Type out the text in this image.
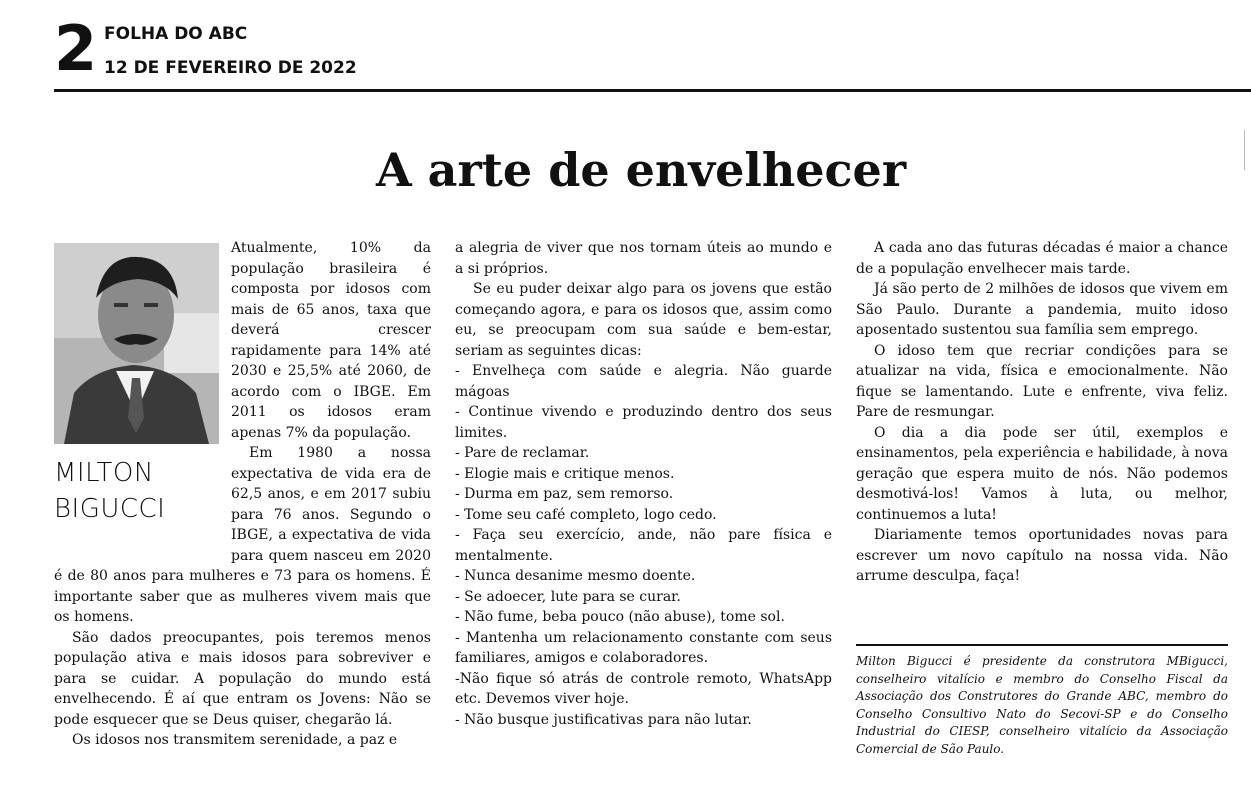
2 FOLHA DO ABC
12 DE FEVEREIRO DE 2022
A arte de envelhecer
MILTON
BIGUCCI

Atualmente, 10% da população brasileira é composta por idosos com mais de 65 anos, taxa que deverá crescer rapidamente para 14% até 2030 e 25,5% até 2060, de acordo com o IBGE. Em 2011 os idosos eram apenas 7% da população.

Em 1980 a nossa expectativa de vida era de 62,5 anos, e em 2017 subiu para 76 anos. Segundo o IBGE, a expectativa de vida para quem nasceu em 2020 é de 80 anos para mulheres e 73 para os homens. É importante saber que as mulheres vivem mais que os homens.

São dados preocupantes, pois teremos menos população ativa e mais idosos para sobreviver e para se cuidar. A população do mundo está envelhecendo. É aí que entram os Jovens: Não se pode esquecer que se Deus quiser, chegarão lá.

Os idosos nos transmitem serenidade, a paz e

a alegria de viver que nos tornam úteis ao mundo e a si próprios.

Se eu puder deixar algo para os jovens que estão começando agora, e para os idosos que, assim como eu, se preocupam com sua saúde e bem-estar, seriam as seguintes dicas:

- Envelheça com saúde e alegria. Não guarde mágoas

- Continue vivendo e produzindo dentro dos seus limites.

- Pare de reclamar.

- Elogie mais e critique menos.

- Durma em paz, sem remorso.

- Tome seu café completo, logo cedo.

- Faça seu exercício, ande, não pare física e mentalmente.

- Nunca desanime mesmo doente.

- Se adoecer, lute para se curar.

- Não fume, beba pouco (não abuse), tome sol.

- Mantenha um relacionamento constante com seus familiares, amigos e colaboradores.

-Não fique só atrás de controle remoto, WhatsApp etc. Devemos viver hoje.

- Não busque justificativas para não lutar.

A cada ano das futuras décadas é maior a chance de a população envelhecer mais tarde.

Já são perto de 2 milhões de idosos que vivem em São Paulo. Durante a pandemia, muito idoso aposentado sustentou sua família sem emprego.

O idoso tem que recriar condições para se atualizar na vida, física e emocionalmente. Não fique se lamentando. Lute e enfrente, viva feliz. Pare de resmungar.

O dia a dia pode ser útil, exemplos e ensinamentos, pela experiência e habilidade, à nova geração que espera muito de nós. Não podemos desmotivá-los! Vamos à luta, ou melhor, continuemos a luta!

Diariamente temos oportunidades novas para escrever um novo capítulo na nossa vida. Não arrume desculpa, faça!

Milton Bigucci é presidente da construtora MBigucci, conselheiro vitalício e membro do Conselho Fiscal da Associação dos Construtores do Grande ABC, membro do Conselho Consultivo Nato do Secovi-SP e do Conselho Industrial do CIESP, conselheiro vitalício da Associação Comercial de São Paulo.
